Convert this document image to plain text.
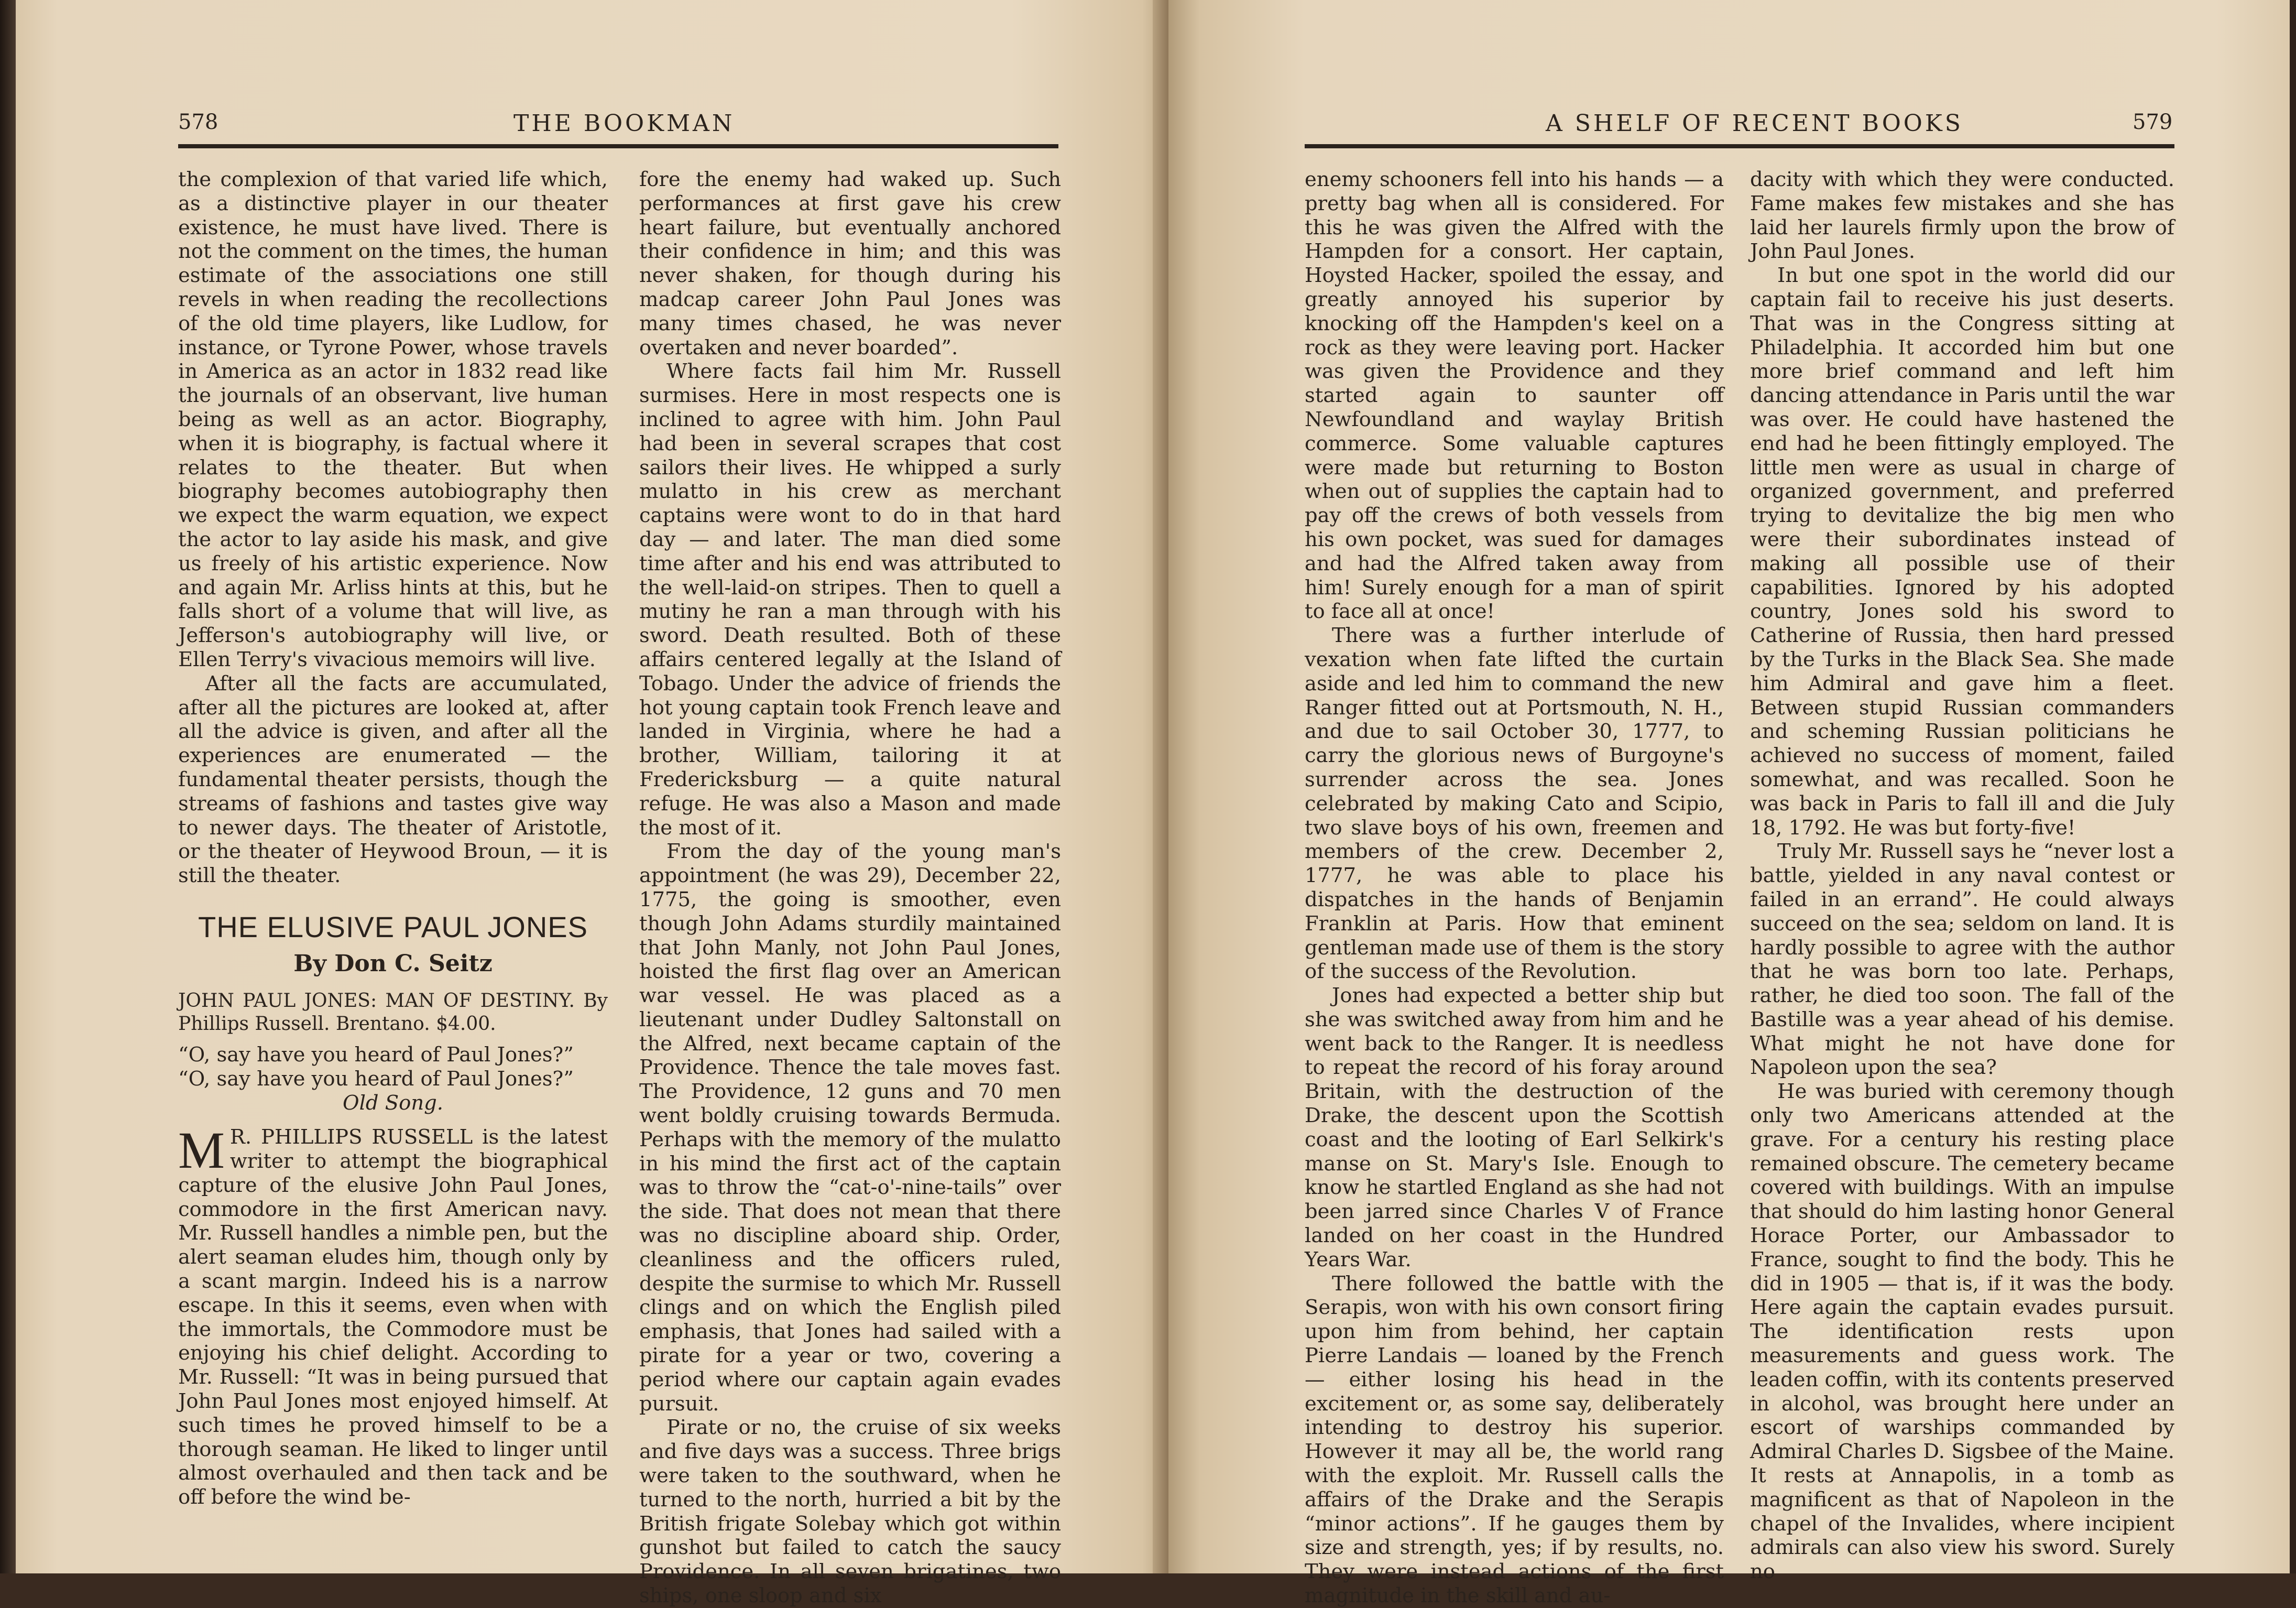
578	THE BOOKMAN

the complexion of that varied life which, as a distinctive player in our theater existence, he must have lived. There is not the comment on the times, the human estimate of the associations one still revels in when reading the recollections of the old time players, like Ludlow, for instance, or Tyrone Power, whose travels in America as an actor in 1832 read like the journals of an observant, live human being as well as an actor. Biography, when it is biography, is factual where it relates to the theater. But when biography becomes autobiography then we expect the warm equation, we expect the actor to lay aside his mask, and give us freely of his artistic experience. Now and again Mr. Arliss hints at this, but he falls short of a volume that will live, as Jefferson's autobiography will live, or Ellen Terry's vivacious memoirs will live.

After all the facts are accumulated, after all the pictures are looked at, after all the advice is given, and after all the experiences are enumerated — the fundamental theater persists, though the streams of fashions and tastes give way to newer days. The theater of Aristotle, or the theater of Heywood Broun, — it is still the theater.

THE ELUSIVE PAUL JONES
By Don C. Seitz

JOHN PAUL JONES: MAN OF DESTINY. By Phillips Russell. Brentano. $4.00.

“O, say have you heard of Paul Jones?”
“O, say have you heard of Paul Jones?”
Old Song.

M R. PHILLIPS RUSSELL is the latest writer to attempt the biographical capture of the elusive John Paul Jones, commodore in the first American navy. Mr. Russell handles a nimble pen, but the alert seaman eludes him, though only by a scant margin. Indeed his is a narrow escape. In this it seems, even when with the immortals, the Commodore must be enjoying his chief delight. According to Mr. Russell: “It was in being pursued that John Paul Jones most enjoyed himself. At such times he proved himself to be a thorough seaman. He liked to linger until almost overhauled and then tack and be off before the wind be-

fore the enemy had waked up. Such performances at first gave his crew heart failure, but eventually anchored their confidence in him; and this was never shaken, for though during his madcap career John Paul Jones was many times chased, he was never overtaken and never boarded”.

Where facts fail him Mr. Russell surmises. Here in most respects one is inclined to agree with him. John Paul had been in several scrapes that cost sailors their lives. He whipped a surly mulatto in his crew as merchant captains were wont to do in that hard day — and later. The man died some time after and his end was attributed to the well-laid-on stripes. Then to quell a mutiny he ran a man through with his sword. Death resulted. Both of these affairs centered legally at the Island of Tobago. Under the advice of friends the hot young captain took French leave and landed in Virginia, where he had a brother, William, tailoring it at Fredericksburg — a quite natural refuge. He was also a Mason and made the most of it.

From the day of the young man's appointment (he was 29), December 22, 1775, the going is smoother, even though John Adams sturdily maintained that John Manly, not John Paul Jones, hoisted the first flag over an American war vessel. He was placed as a lieutenant under Dudley Saltonstall on the Alfred, next became captain of the Providence. Thence the tale moves fast. The Providence, 12 guns and 70 men went boldly cruising towards Bermuda. Perhaps with the memory of the mulatto in his mind the first act of the captain was to throw the “cat-o'-nine-tails” over the side. That does not mean that there was no discipline aboard ship. Order, cleanliness and the officers ruled, despite the surmise to which Mr. Russell clings and on which the English piled emphasis, that Jones had sailed with a pirate for a year or two, covering a period where our captain again evades pursuit.

Pirate or no, the cruise of six weeks and five days was a success. Three brigs were taken to the southward, when he turned to the north, hurried a bit by the British frigate Solebay which got within gunshot but failed to catch the saucy Providence. In all seven brigatines, two ships, one sloop and six

A SHELF OF RECENT BOOKS	579

enemy schooners fell into his hands — a pretty bag when all is considered. For this he was given the Alfred with the Hampden for a consort. Her captain, Hoysted Hacker, spoiled the essay, and greatly annoyed his superior by knocking off the Hampden's keel on a rock as they were leaving port. Hacker was given the Providence and they started again to saunter off Newfoundland and waylay British commerce. Some valuable captures were made but returning to Boston when out of supplies the captain had to pay off the crews of both vessels from his own pocket, was sued for damages and had the Alfred taken away from him! Surely enough for a man of spirit to face all at once!

There was a further interlude of vexation when fate lifted the curtain aside and led him to command the new Ranger fitted out at Portsmouth, N. H., and due to sail October 30, 1777, to carry the glorious news of Burgoyne's surrender across the sea. Jones celebrated by making Cato and Scipio, two slave boys of his own, freemen and members of the crew. December 2, 1777, he was able to place his dispatches in the hands of Benjamin Franklin at Paris. How that eminent gentleman made use of them is the story of the success of the Revolution.

Jones had expected a better ship but she was switched away from him and he went back to the Ranger. It is needless to repeat the record of his foray around Britain, with the destruction of the Drake, the descent upon the Scottish coast and the looting of Earl Selkirk's manse on St. Mary's Isle. Enough to know he startled England as she had not been jarred since Charles V of France landed on her coast in the Hundred Years War.

There followed the battle with the Serapis, won with his own consort firing upon him from behind, her captain Pierre Landais — loaned by the French — either losing his head in the excitement or, as some say, deliberately intending to destroy his superior. However it may all be, the world rang with the exploit. Mr. Russell calls the affairs of the Drake and the Serapis “minor actions”. If he gauges them by size and strength, yes; if by results, no. They were instead actions of the first magnitude in the skill and au-

dacity with which they were conducted. Fame makes few mistakes and she has laid her laurels firmly upon the brow of John Paul Jones.

In but one spot in the world did our captain fail to receive his just deserts. That was in the Congress sitting at Philadelphia. It accorded him but one more brief command and left him dancing attendance in Paris until the war was over. He could have hastened the end had he been fittingly employed. The little men were as usual in charge of organized government, and preferred trying to devitalize the big men who were their subordinates instead of making all possible use of their capabilities. Ignored by his adopted country, Jones sold his sword to Catherine of Russia, then hard pressed by the Turks in the Black Sea. She made him Admiral and gave him a fleet. Between stupid Russian commanders and scheming Russian politicians he achieved no success of moment, failed somewhat, and was recalled. Soon he was back in Paris to fall ill and die July 18, 1792. He was but forty-five!

Truly Mr. Russell says he “never lost a battle, yielded in any naval contest or failed in an errand”. He could always succeed on the sea; seldom on land. It is hardly possible to agree with the author that he was born too late. Perhaps, rather, he died too soon. The fall of the Bastille was a year ahead of his demise. What might he not have done for Napoleon upon the sea?

He was buried with ceremony though only two Americans attended at the grave. For a century his resting place remained obscure. The cemetery became covered with buildings. With an impulse that should do him lasting honor General Horace Porter, our Ambassador to France, sought to find the body. This he did in 1905 — that is, if it was the body. Here again the captain evades pursuit. The identification rests upon measurements and guess work. The leaden coffin, with its contents preserved in alcohol, was brought here under an escort of warships commanded by Admiral Charles D. Sigsbee of the Maine. It rests at Annapolis, in a tomb as magnificent as that of Napoleon in the chapel of the Invalides, where incipient admirals can also view his sword. Surely no
